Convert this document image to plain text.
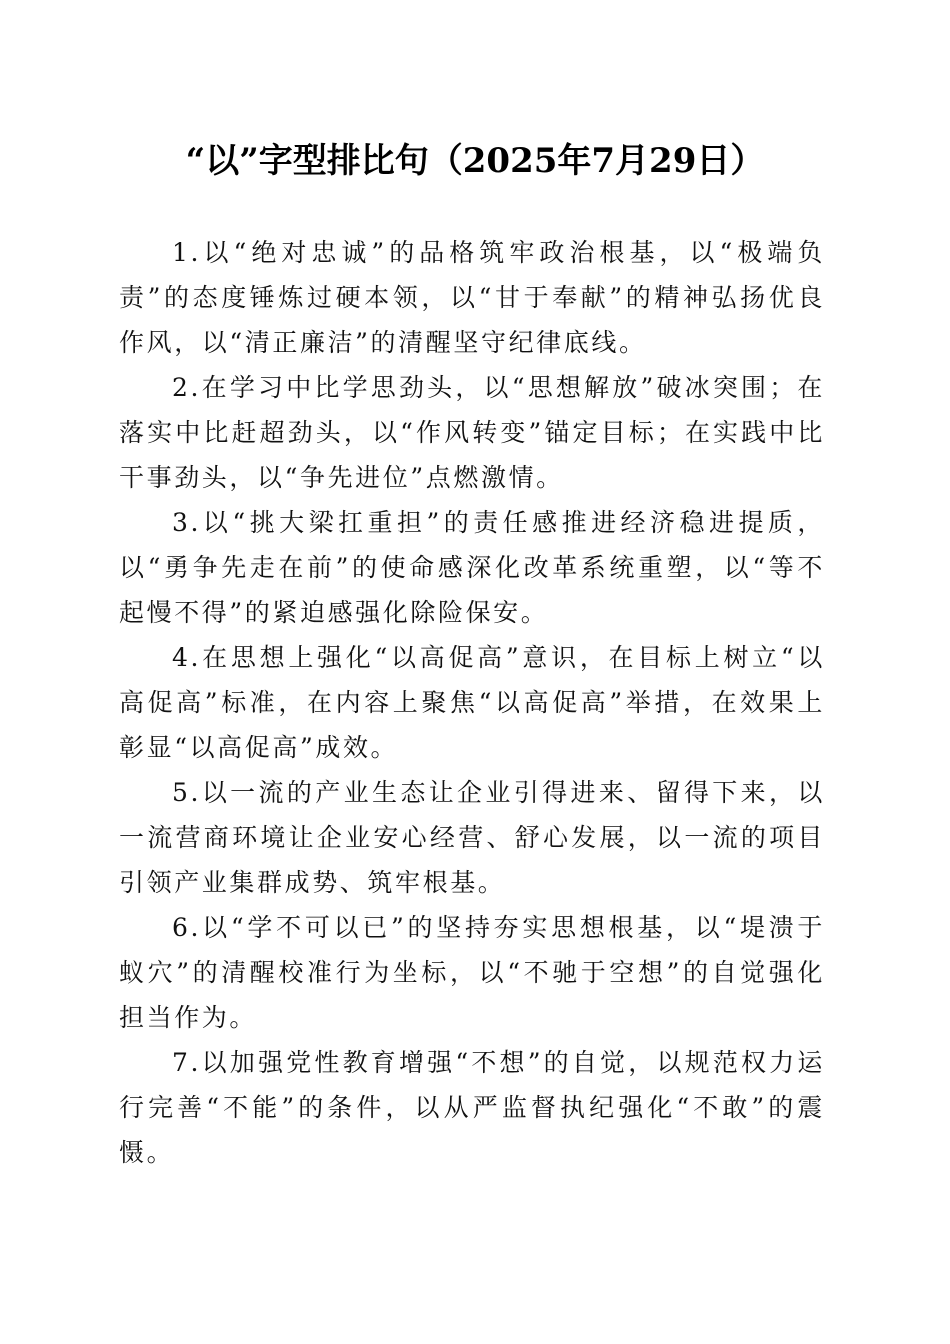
“以”字型排比句（2025年7月29日）

1.以“绝对忠诚”的品格筑牢政治根基，以“极端负责”的态度锤炼过硬本领，以“甘于奉献”的精神弘扬优良作风，以“清正廉洁”的清醒坚守纪律底线。

2.在学习中比学思劲头，以“思想解放”破冰突围；在落实中比赶超劲头，以“作风转变”锚定目标；在实践中比干事劲头，以“争先进位”点燃激情。

3.以“挑大梁扛重担”的责任感推进经济稳进提质，以“勇争先走在前”的使命感深化改革系统重塑，以“等不起慢不得”的紧迫感强化除险保安。

4.在思想上强化“以高促高”意识，在目标上树立“以高促高”标准，在内容上聚焦“以高促高”举措，在效果上彰显“以高促高”成效。

5.以一流的产业生态让企业引得进来、留得下来，以一流营商环境让企业安心经营、舒心发展，以一流的项目引领产业集群成势、筑牢根基。

6.以“学不可以已”的坚持夯实思想根基，以“堤溃于蚁穴”的清醒校准行为坐标，以“不驰于空想”的自觉强化担当作为。

7.以加强党性教育增强“不想”的自觉，以规范权力运行完善“不能”的条件，以从严监督执纪强化“不敢”的震慑。
